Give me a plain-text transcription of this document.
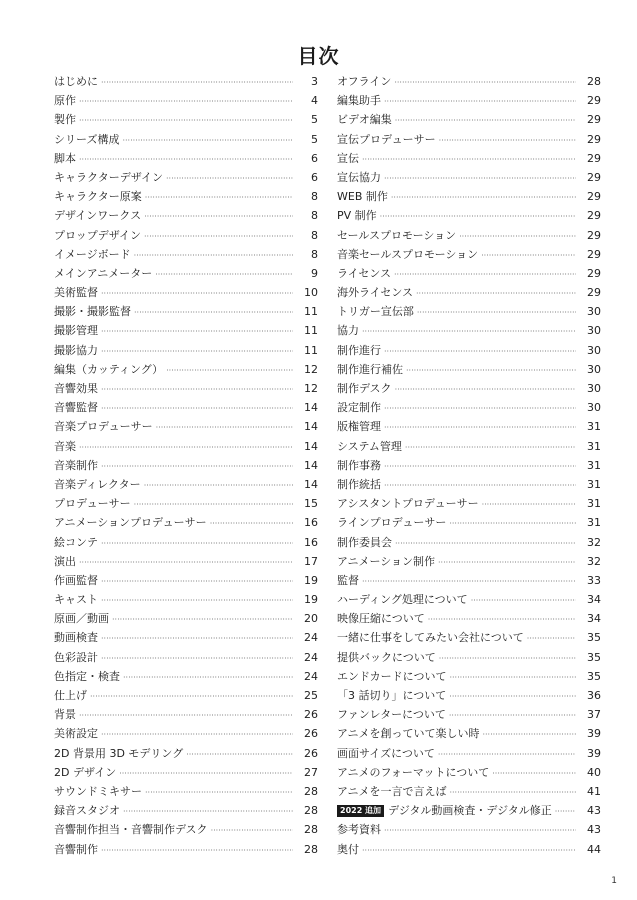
目次
はじめに ·····	3
原作 ·····	4
製作 ·····	5
シリーズ構成 ·····	5
脚本 ·····	6
キャラクターデザイン ·····	6
キャラクター原案 ·····	8
デザインワークス ·····	8
プロップデザイン ·····	8
イメージボード ·····	8
メインアニメーター ·····	9
美術監督 ·····	10
撮影・撮影監督 ·····	11
撮影管理 ·····	11
撮影協力 ·····	11
編集（カッティング） ·····	12
音響効果 ·····	12
音響監督 ·····	14
音楽プロデューサー ·····	14
音楽 ·····	14
音楽制作 ·····	14
音楽ディレクター ·····	14
プロデューサー ·····	15
アニメーションプロデューサー ·····	16
絵コンテ ·····	16
演出 ·····	17
作画監督 ·····	19
キャスト ·····	19
原画／動画 ·····	20
動画検査 ·····	24
色彩設計 ·····	24
色指定・検査 ·····	24
仕上げ ·····	25
背景 ·····	26
美術設定 ·····	26
2D 背景用 3D モデリング ·····	26
2D デザイン ·····	27
サウンドミキサー ·····	28
録音スタジオ ·····	28
音響制作担当・音響制作デスク ·····	28
音響制作 ·····	28
オフライン ·····	28
編集助手 ·····	29
ビデオ編集 ·····	29
宣伝プロデューサー ·····	29
宣伝 ·····	29
宣伝協力 ·····	29
WEB 制作 ·····	29
PV 制作 ·····	29
セールスプロモーション ·····	29
音楽セールスプロモーション ·····	29
ライセンス ·····	29
海外ライセンス ·····	29
トリガー宣伝部 ·····	30
協力 ·····	30
制作進行 ·····	30
制作進行補佐 ·····	30
制作デスク ·····	30
設定制作 ·····	30
版権管理 ·····	31
システム管理 ·····	31
制作事務 ·····	31
制作統括 ·····	31
アシスタントプロデューサー ·····	31
ラインプロデューサー ·····	31
制作委員会 ·····	32
アニメーション制作 ·····	32
監督 ·····	33
ハーディング処理について ·····	34
映像圧縮について ·····	34
一緒に仕事をしてみたい会社について ·····	35
提供バックについて ·····	35
エンドカードについて ·····	35
「3 話切り」について ·····	36
ファンレターについて ·····	37
アニメを創っていて楽しい時 ·····	39
画面サイズについて ·····	39
アニメのフォーマットについて ·····	40
アニメを一言で言えば ·····	41
2022 追加 デジタル動画検査・デジタル修正 ·····	43
参考資料 ·····	43
奥付 ·····	44
1
